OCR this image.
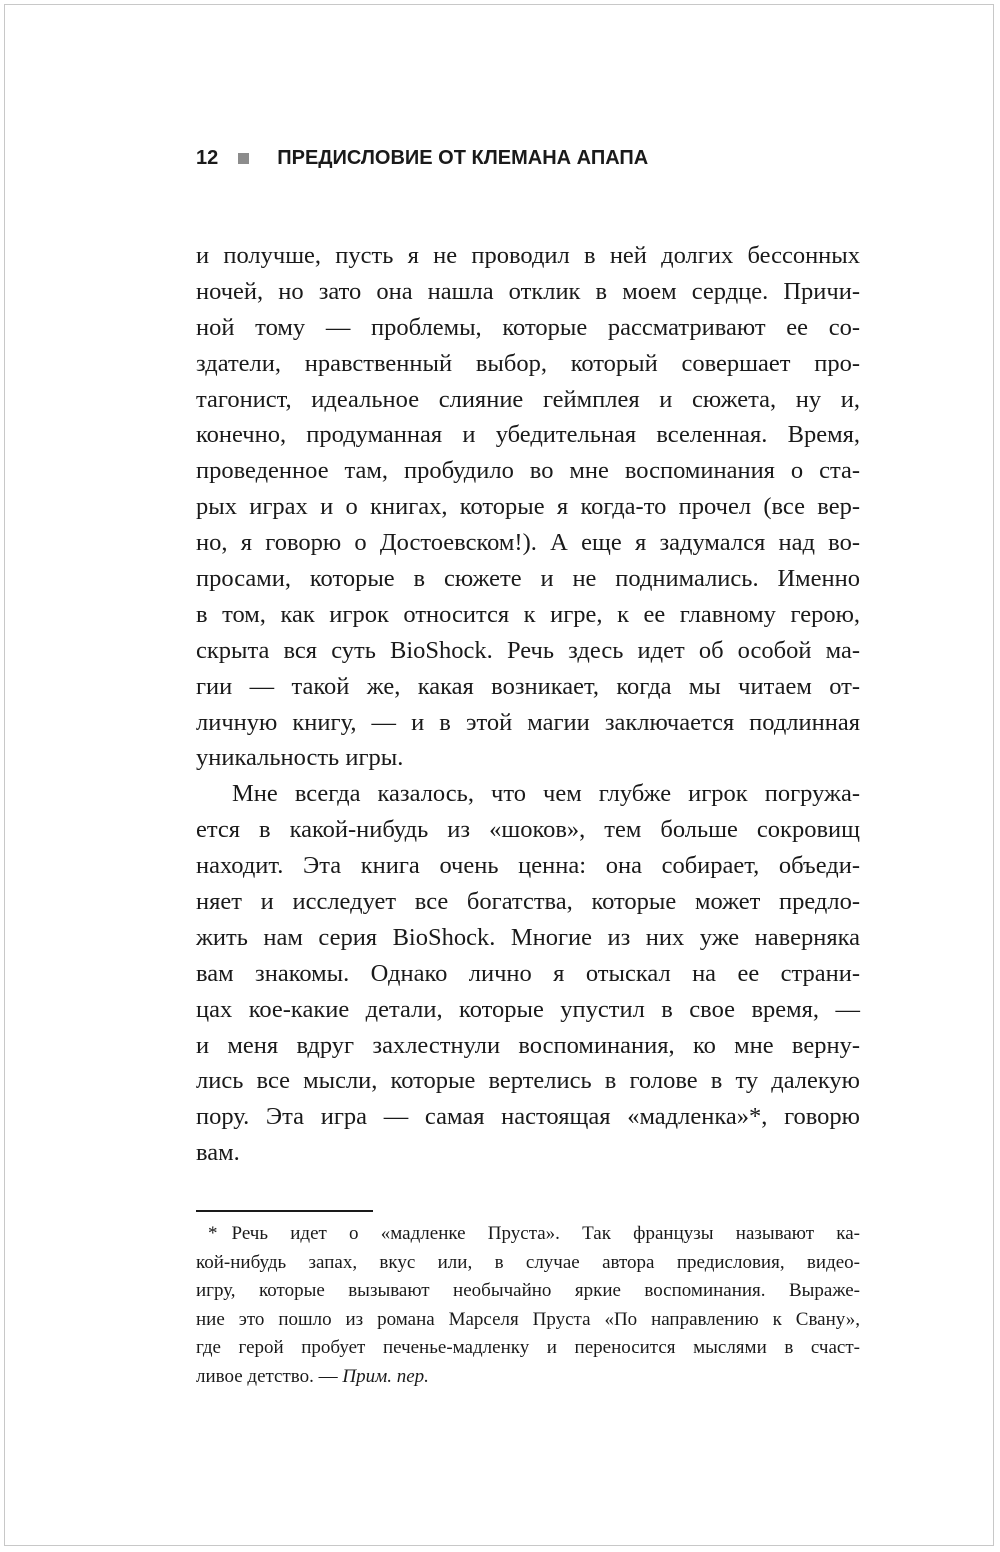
12	ПРЕДИСЛОВИЕ ОТ КЛЕМАНА АПАПА
и получше, пусть я не проводил в ней долгих бессонных
ночей, но зато она нашла отклик в моем сердце. Причи-
ной тому — проблемы, которые рассматривают ее со-
здатели, нравственный выбор, который совершает про-
тагонист, идеальное слияние геймплея и сюжета, ну и,
конечно, продуманная и убедительная вселенная. Время,
проведенное там, пробудило во мне воспоминания о ста-
рых играх и о книгах, которые я когда-то прочел (все вер-
но, я говорю о Достоевском!). А еще я задумался над во-
просами, которые в сюжете и не поднимались. Именно
в том, как игрок относится к игре, к ее главному герою,
скрыта вся суть BioShock. Речь здесь идет об особой ма-
гии — такой же, какая возникает, когда мы читаем от-
личную книгу, — и в этой магии заключается подлинная
уникальность игры.
Мне всегда казалось, что чем глубже игрок погружа-
ется в какой-нибудь из «шоков», тем больше сокровищ
находит. Эта книга очень ценна: она собирает, объеди-
няет и исследует все богатства, которые может предло-
жить нам серия BioShock. Многие из них уже наверняка
вам знакомы. Однако лично я отыскал на ее страни-
цах кое-какие детали, которые упустил в свое время, —
и меня вдруг захлестнули воспоминания, ко мне верну-
лись все мысли, которые вертелись в голове в ту далекую
пору. Эта игра — самая настоящая «мадленка»*, говорю
вам.
* Речь идет о «мадленке Пруста». Так французы называют ка-
кой-нибудь запах, вкус или, в случае автора предисловия, видео-
игру, которые вызывают необычайно яркие воспоминания. Выраже-
ние это пошло из романа Марселя Пруста «По направлению к Свану»,
где герой пробует печенье-мадленку и переносится мыслями в счаст-
ливое детство. — Прим. пер.
